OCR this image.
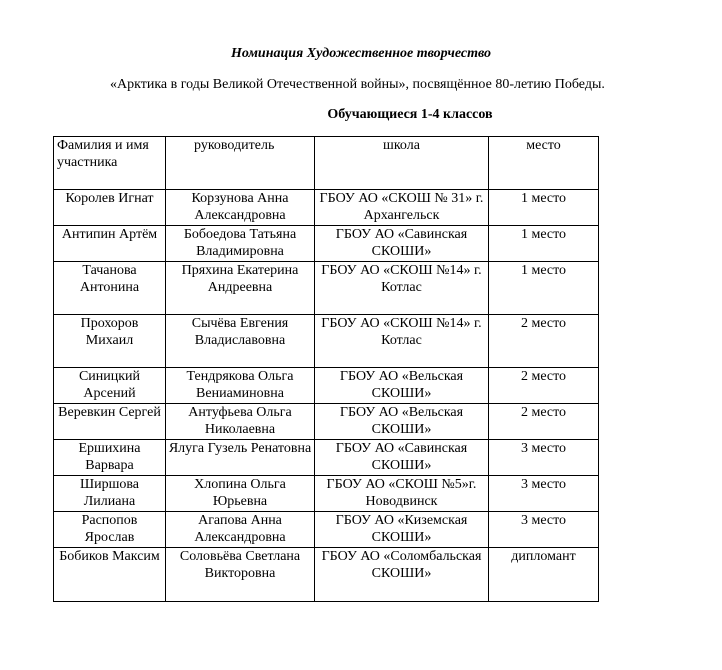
Номинация Художественное творчество
«Арктика в годы Великой Отечественной войны», посвящённое 80-летию Победы.
Обучающиеся 1-4 классов
Фамилия и имя участника	руководитель	школа	место
Королев Игнат	Корзунова Анна Александровна	ГБОУ АО «СКОШ № 31» г. Архангельск	1 место
Антипин Артём	Бобоедова Татьяна Владимировна	ГБОУ АО «Савинская СКОШИ»	1 место
Тачанова Антонина	Пряхина Екатерина Андреевна	ГБОУ АО «СКОШ №14» г. Котлас	1 место
Прохоров Михаил	Сычёва Евгения Владиславовна	ГБОУ АО «СКОШ №14» г. Котлас	2 место
Синицкий Арсений	Тендрякова Ольга Вениаминовна	ГБОУ АО «Вельская СКОШИ»	2 место
Веревкин Сергей	Антуфьева Ольга Николаевна	ГБОУ АО «Вельская СКОШИ»	2 место
Ершихина Варвара	Ялуга Гузель Ренатовна	ГБОУ АО «Савинская СКОШИ»	3 место
Ширшова Лилиана	Хлопина Ольга Юрьевна	ГБОУ АО «СКОШ №5»г. Новодвинск	3 место
Распопов Ярослав	Агапова Анна Александровна	ГБОУ АО «Киземская СКОШИ»	3 место
Бобиков Максим	Соловьёва Светлана Викторовна	ГБОУ АО «Соломбальская СКОШИ»	дипломант
